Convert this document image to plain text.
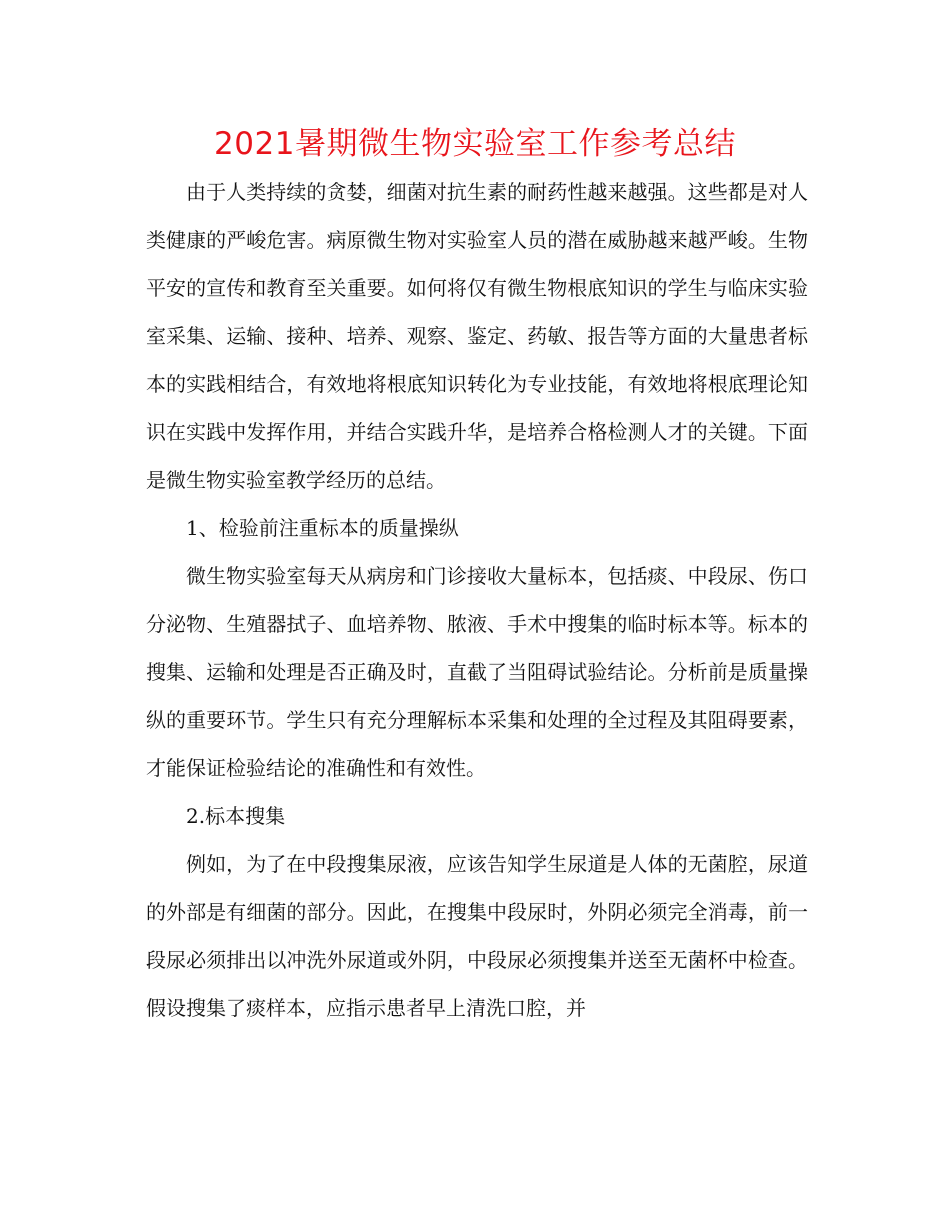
2021暑期微生物实验室工作参考总结

由于人类持续的贪婪，细菌对抗生素的耐药性越来越强。这些都是对人类健康的严峻危害。病原微生物对实验室人员的潜在威胁越来越严峻。生物平安的宣传和教育至关重要。如何将仅有微生物根底知识的学生与临床实验室采集、运输、接种、培养、观察、鉴定、药敏、报告等方面的大量患者标本的实践相结合，有效地将根底知识转化为专业技能，有效地将根底理论知识在实践中发挥作用，并结合实践升华，是培养合格检测人才的关键。下面是微生物实验室教学经历的总结。

1、检验前注重标本的质量操纵

微生物实验室每天从病房和门诊接收大量标本，包括痰、中段尿、伤口分泌物、生殖器拭子、血培养物、脓液、手术中搜集的临时标本等。标本的搜集、运输和处理是否正确及时，直截了当阻碍试验结论。分析前是质量操纵的重要环节。学生只有充分理解标本采集和处理的全过程及其阻碍要素，才能保证检验结论的准确性和有效性。

2.标本搜集

例如，为了在中段搜集尿液，应该告知学生尿道是人体的无菌腔，尿道的外部是有细菌的部分。因此，在搜集中段尿时，外阴必须完全消毒，前一段尿必须排出以冲洗外尿道或外阴，中段尿必须搜集并送至无菌杯中检查。假设搜集了痰样本，应指示患者早上清洗口腔，并
